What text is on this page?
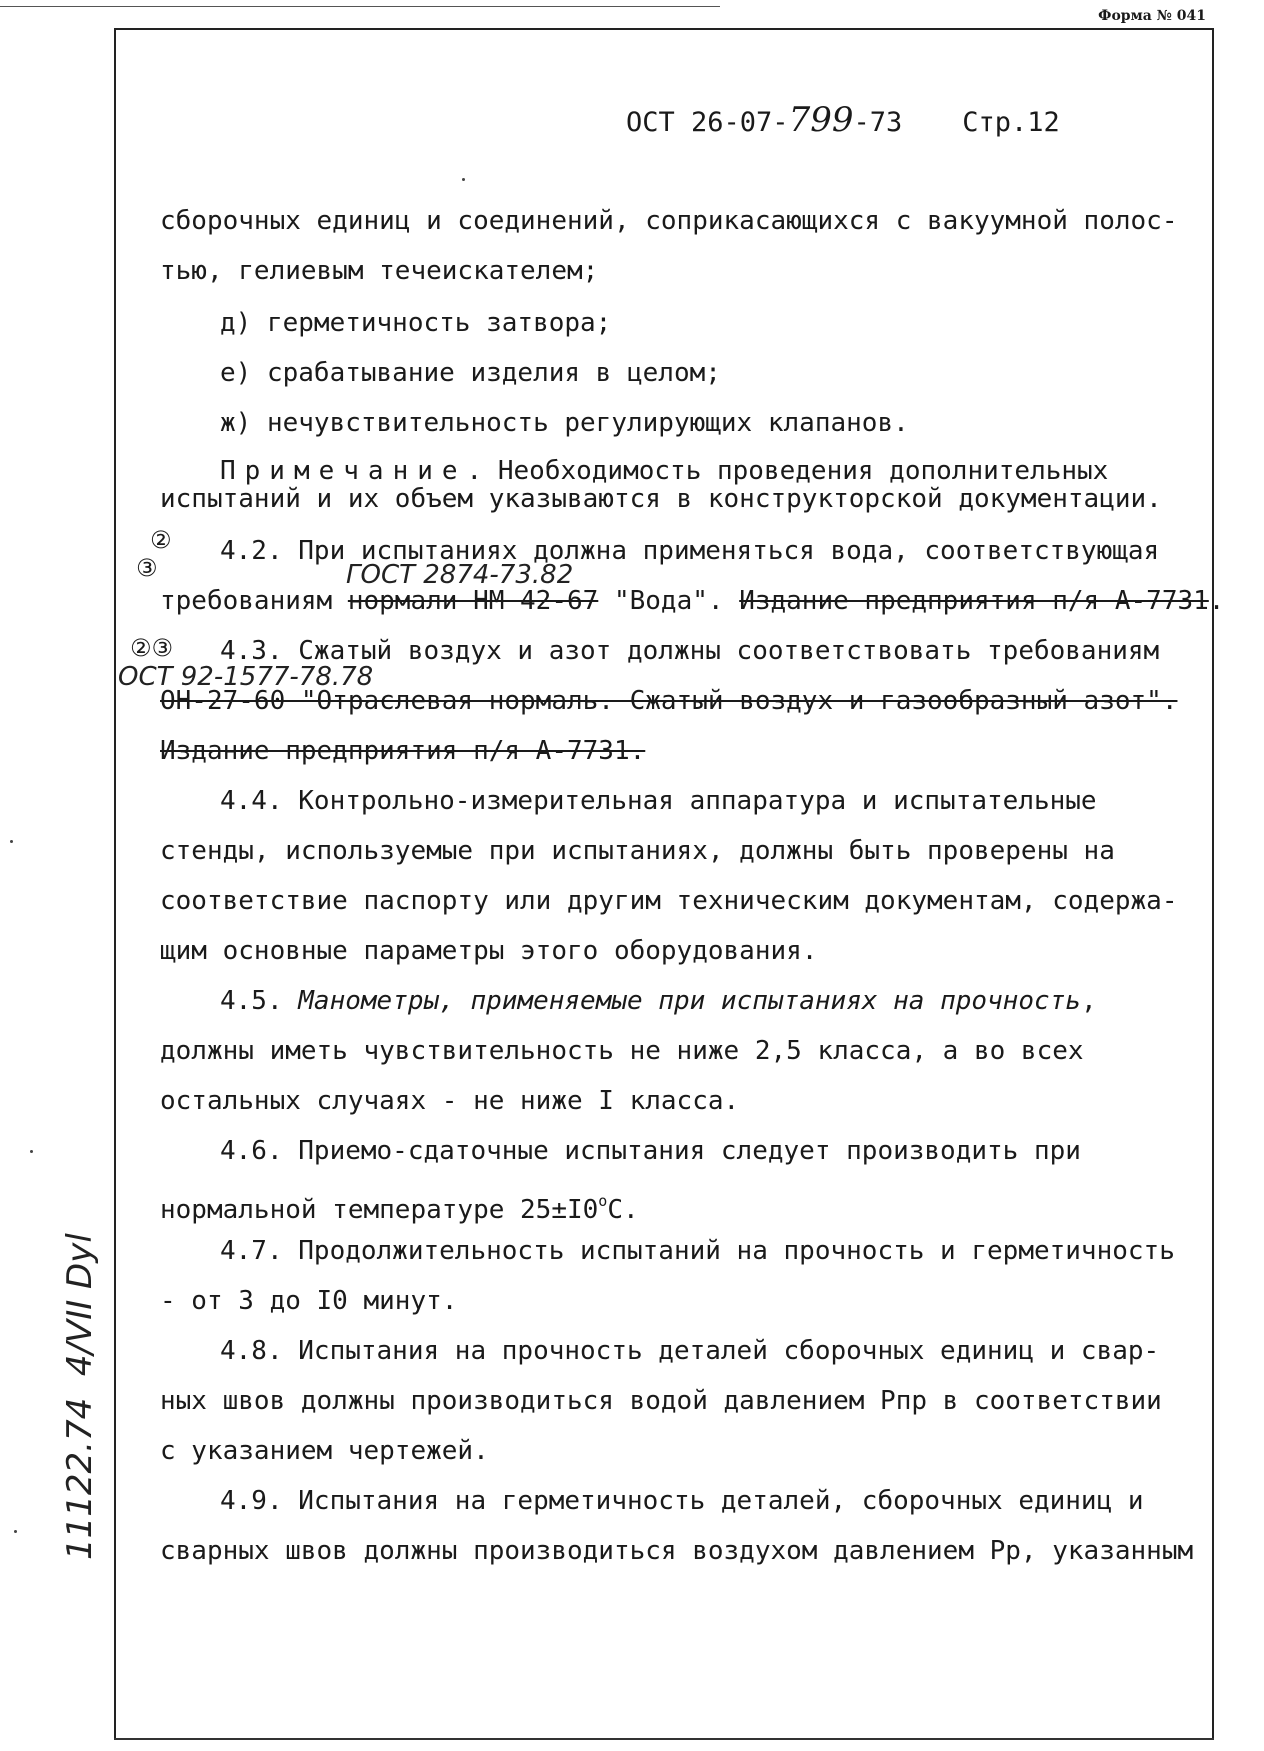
Форма № 041
ОСТ 26-07-799-73 Стр.12
сборочных единиц и соединений, соприкасающихся с вакуумной полос-
тью, гелиевым течеискателем;
д) герметичность затвора;
е) срабатывание изделия в целом;
ж) нечувствительность регулирующих клапанов.
Примечание. Необходимость проведения дополнительных
испытаний и их объем указываются в конструкторской документации.
②
③
4.2. При испытаниях должна применяться вода, соответствующая
ГОСТ 2874-73.82
требованиям нормали НМ 42-67 "Вода". Издание предприятия п/я А-7731.
②③ 4.3. Сжатый воздух и азот должны соответствовать требованиям
ОСТ 92-1577-78.78
ОН-27-60 "Отраслевая нормаль. Сжатый воздух и газообразный азот".
Издание предприятия п/я А-7731.
4.4. Контрольно-измерительная аппаратура и испытательные
стенды, используемые при испытаниях, должны быть проверены на
соответствие паспорту или другим техническим документам, содержа-
щим основные параметры этого оборудования.
4.5. Манометры, применяемые при испытаниях на прочность,
должны иметь чувствительность не ниже 2,5 класса, а во всех
остальных случаях - не ниже I класса.
4.6. Приемо-сдаточные испытания следует производить при
нормальной температуре $25\pm I0^oС$.
4.7. Продолжительность испытаний на прочность и герметичность
- от 3 до I0 минут.
4.8. Испытания на прочность деталей сборочных единиц и свар-
ных швов должны производиться водой давлением Рпр в соответствии
с указанием чертежей.
4.9. Испытания на герметичность деталей, сборочных единиц и
сварных швов должны производиться воздухом давлением Рр, указанным
11122.74  4/VII Dyl
